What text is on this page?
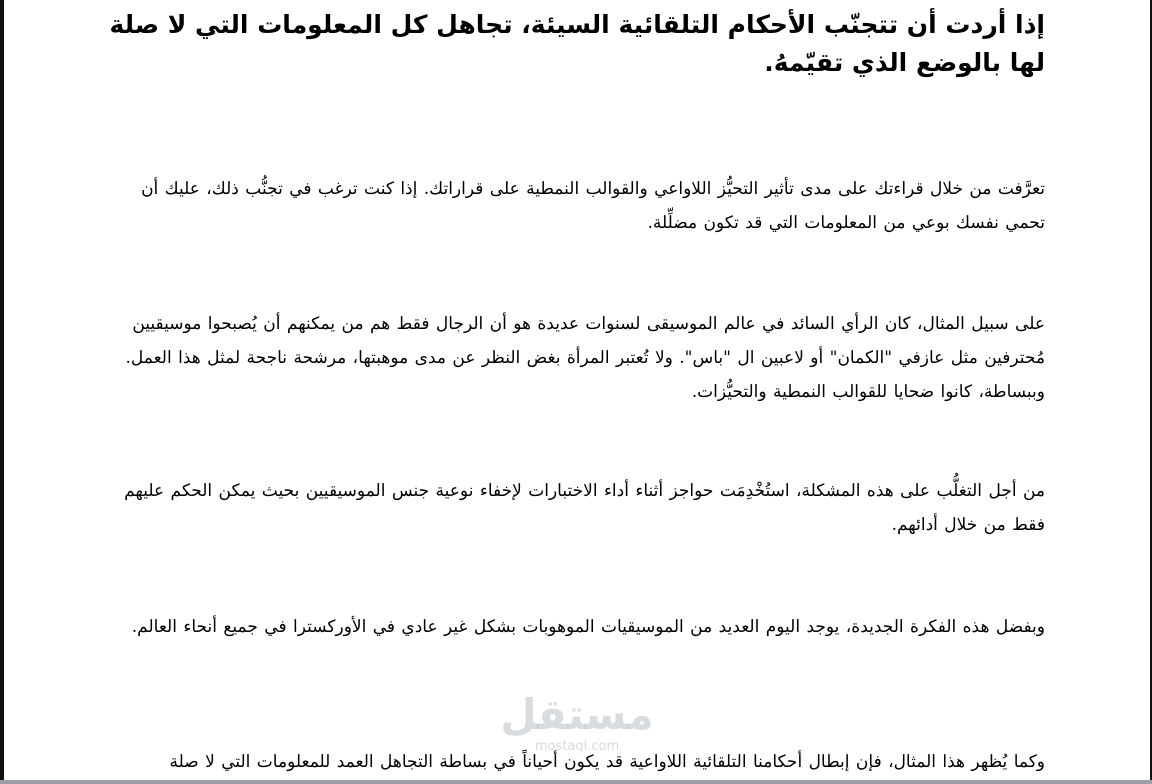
إذا أردت أن تتجنّب الأحكام التلقائية السيئة، تجاهل كل المعلومات التي لا صلة لها بالوضع الذي تقيّمهُ.

تعرَّفت من خلال قراءتك على مدى تأثير التحيُّز اللاواعي والقوالب النمطية على قراراتك. إذا كنت ترغب في تجنُّب ذلك، عليك أن تحمي نفسك بوعي من المعلومات التي قد تكون مضلِّلة.

على سبيل المثال، كان الرأي السائد في عالم الموسيقى لسنوات عديدة هو أن الرجال فقط هم من يمكنهم أن يُصبحوا موسيقيين مُحترفين مثل عازفي "الكمان" أو لاعبين ال "باس". ولا تُعتبر المرأة بغض النظر عن مدى موهبتها، مرشحة ناجحة لمثل هذا العمل. وببساطة، كانوا ضحايا للقوالب النمطية والتحيُّزات.

من أجل التغلُّب على هذه المشكلة، استُخْدِمَت حواجز أثناء أداء الاختبارات لإخفاء نوعية جنس الموسيقيين بحيث يمكن الحكم عليهم فقط من خلال أدائهم.

وبفضل هذه الفكرة الجديدة، يوجد اليوم العديد من الموسيقيات الموهوبات بشكل غير عادي في الأوركسترا في جميع أنحاء العالم.

وكما يُظهر هذا المثال، فإن إبطال أحكامنا التلقائية اللاواعية قد يكون أحياناً في بساطة التجاهل العمد للمعلومات التي لا صلة

مستقل
mostaql.com
